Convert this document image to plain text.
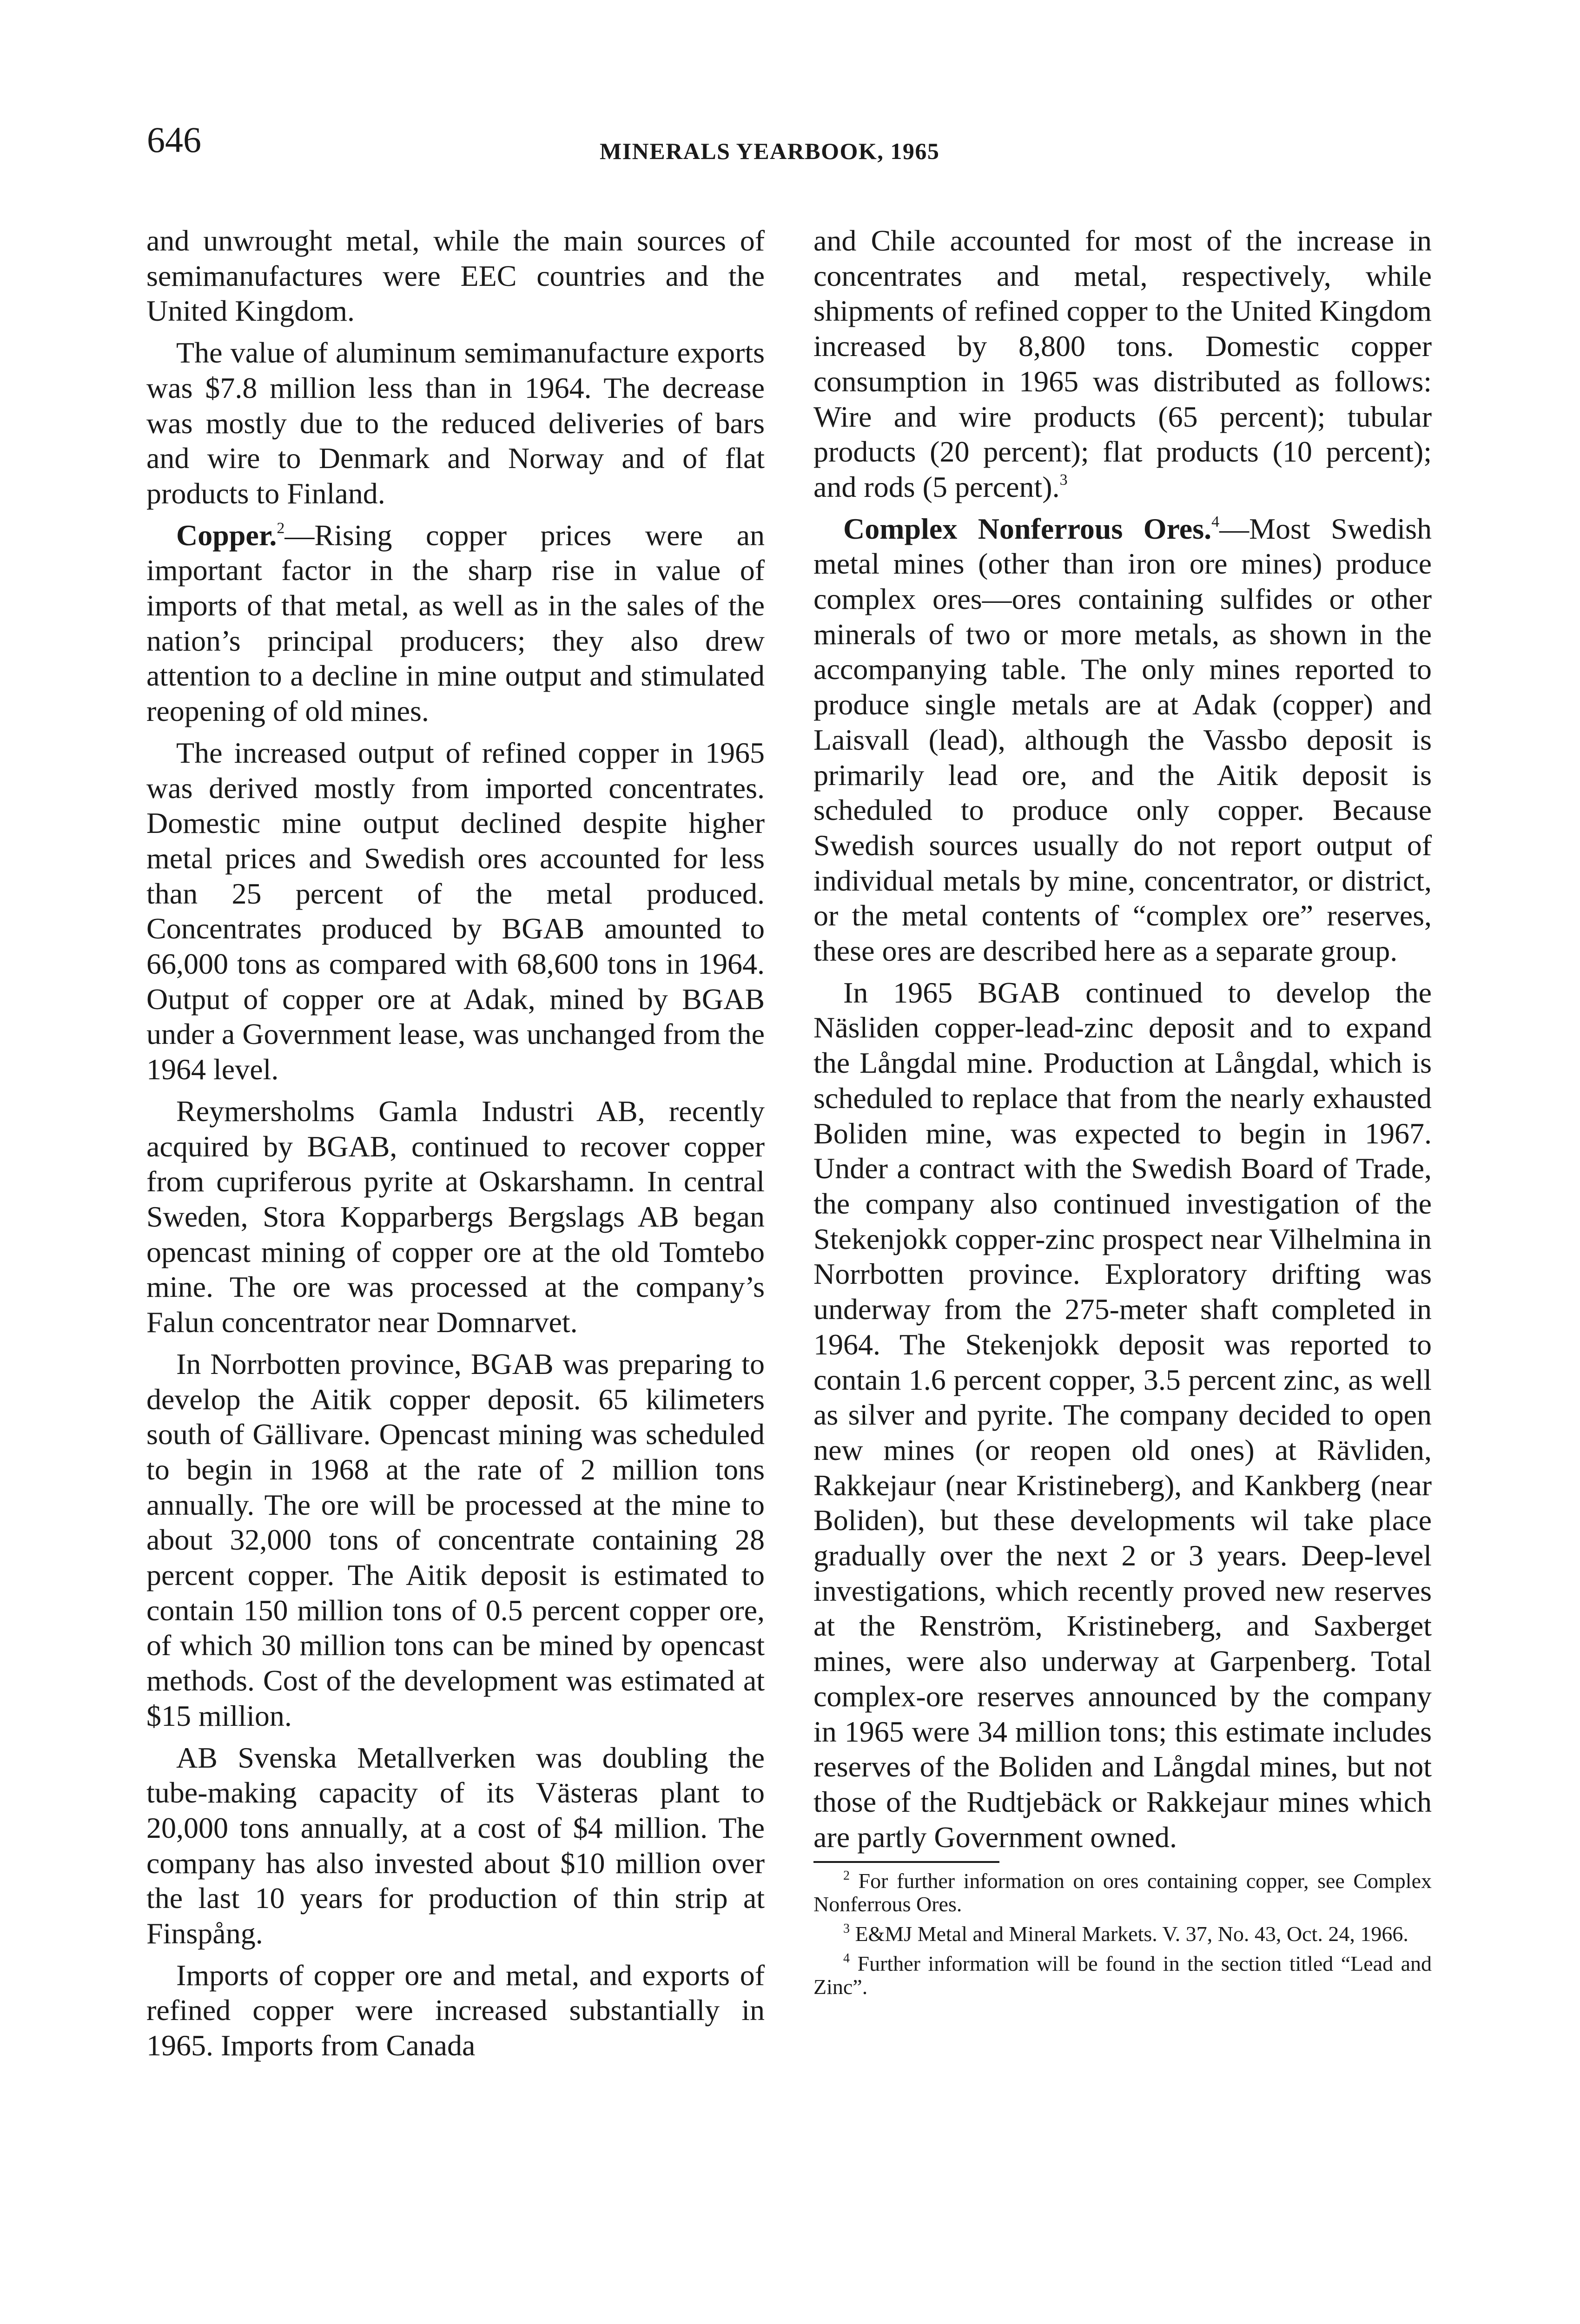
646	MINERALS YEARBOOK, 1965

and unwrought metal, while the main sources of semimanufactures were EEC countries and the United Kingdom.

The value of aluminum semimanufacture exports was $7.8 million less than in 1964. The decrease was mostly due to the reduced deliveries of bars and wire to Denmark and Norway and of flat products to Finland.

Copper.$^2$—Rising copper prices were an important factor in the sharp rise in value of imports of that metal, as well as in the sales of the nation’s principal producers; they also drew attention to a decline in mine output and stimulated reopening of old mines.

The increased output of refined copper in 1965 was derived mostly from imported concentrates. Domestic mine output declined despite higher metal prices and Swedish ores accounted for less than 25 percent of the metal produced. Concentrates produced by BGAB amounted to 66,000 tons as compared with 68,600 tons in 1964. Output of copper ore at Adak, mined by BGAB under a Government lease, was unchanged from the 1964 level.

Reymersholms Gamla Industri AB, recently acquired by BGAB, continued to recover copper from cupriferous pyrite at Oskarshamn. In central Sweden, Stora Kopparbergs Bergslags AB began opencast mining of copper ore at the old Tomtebo mine. The ore was processed at the company’s Falun concentrator near Domnarvet.

In Norrbotten province, BGAB was preparing to develop the Aitik copper deposit. 65 kilimeters south of Gällivare. Opencast mining was scheduled to begin in 1968 at the rate of 2 million tons annually. The ore will be processed at the mine to about 32,000 tons of concentrate containing 28 percent copper. The Aitik deposit is estimated to contain 150 million tons of 0.5 percent copper ore, of which 30 million tons can be mined by opencast methods. Cost of the development was estimated at $15 million.

AB Svenska Metallverken was doubling the tube-making capacity of its Västeras plant to 20,000 tons annually, at a cost of $4 million. The company has also invested about $10 million over the last 10 years for production of thin strip at Finspång.

Imports of copper ore and metal, and exports of refined copper were increased substantially in 1965. Imports from Canada

and Chile accounted for most of the increase in concentrates and metal, respectively, while shipments of refined copper to the United Kingdom increased by 8,800 tons. Domestic copper consumption in 1965 was distributed as follows: Wire and wire products (65 percent); tubular products (20 percent); flat products (10 percent); and rods (5 percent).$^3$

Complex Nonferrous Ores.$^4$—Most Swedish metal mines (other than iron ore mines) produce complex ores—ores containing sulfides or other minerals of two or more metals, as shown in the accompanying table. The only mines reported to produce single metals are at Adak (copper) and Laisvall (lead), although the Vassbo deposit is primarily lead ore, and the Aitik deposit is scheduled to produce only copper. Because Swedish sources usually do not report output of individual metals by mine, concentrator, or district, or the metal contents of “complex ore” reserves, these ores are described here as a separate group.

In 1965 BGAB continued to develop the Näsliden copper-lead-zinc deposit and to expand the Långdal mine. Production at Långdal, which is scheduled to replace that from the nearly exhausted Boliden mine, was expected to begin in 1967. Under a contract with the Swedish Board of Trade, the company also continued investigation of the Stekenjokk copper-zinc prospect near Vilhelmina in Norrbotten province. Exploratory drifting was underway from the 275-meter shaft completed in 1964. The Stekenjokk deposit was reported to contain 1.6 percent copper, 3.5 percent zinc, as well as silver and pyrite. The company decided to open new mines (or reopen old ones) at Rävliden, Rakkejaur (near Kristineberg), and Kankberg (near Boliden), but these developments wil take place gradually over the next 2 or 3 years. Deep-level investigations, which recently proved new reserves at the Renström, Kristineberg, and Saxberget mines, were also underway at Garpenberg. Total complex-ore reserves announced by the company in 1965 were 34 million tons; this estimate includes reserves of the Boliden and Långdal mines, but not those of the Rudtjebäck or Rakkejaur mines which are partly Government owned.

$^2$ For further information on ores containing copper, see Complex Nonferrous Ores.

$^3$ E&MJ Metal and Mineral Markets. V. 37, No. 43, Oct. 24, 1966.

$^4$ Further information will be found in the section titled “Lead and Zinc”.
